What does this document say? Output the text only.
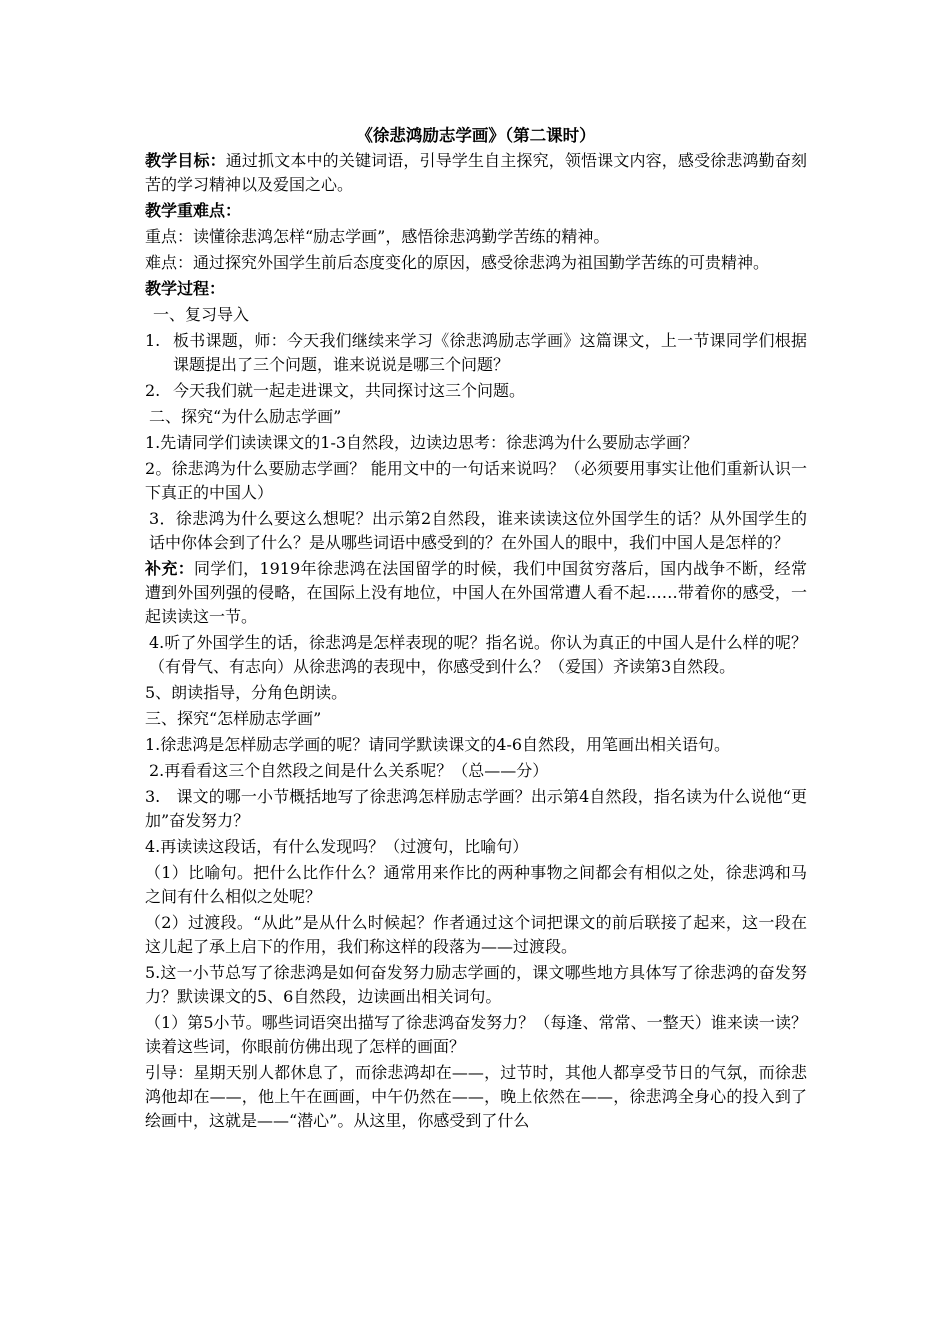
《徐悲鸿励志学画》（第二课时）

教学目标：通过抓文本中的关键词语，引导学生自主探究，领悟课文内容，感受徐悲鸿勤奋刻苦的学习精神以及爱国之心。

教学重难点：

重点：读懂徐悲鸿怎样“励志学画”，感悟徐悲鸿勤学苦练的精神。

难点：通过探究外国学生前后态度变化的原因，感受徐悲鸿为祖国勤学苦练的可贵精神。

教学过程：

一、复习导入

1. 板书课题，师：今天我们继续来学习《徐悲鸿励志学画》这篇课文，上一节课同学们根据课题提出了三个问题，谁来说说是哪三个问题？
2. 今天我们就一起走进课文，共同探讨这三个问题。

二、探究“为什么励志学画”

1.先请同学们读读课文的1-3自然段，边读边思考：徐悲鸿为什么要励志学画？

2。徐悲鸿为什么要励志学画？ 能用文中的一句话来说吗？（必须要用事实让他们重新认识一下真正的中国人）

3．徐悲鸿为什么要这么想呢？出示第2自然段，谁来读读这位外国学生的话？从外国学生的话中你体会到了什么？是从哪些词语中感受到的？在外国人的眼中，我们中国人是怎样的？

补充：同学们，1919年徐悲鸿在法国留学的时候，我们中国贫穷落后，国内战争不断，经常遭到外国列强的侵略，在国际上没有地位，中国人在外国常遭人看不起……带着你的感受，一起读读这一节。

4.听了外国学生的话，徐悲鸿是怎样表现的呢？指名说。你认为真正的中国人是什么样的呢？（有骨气、有志向）从徐悲鸿的表现中，你感受到什么？（爱国）齐读第3自然段。

5、朗读指导，分角色朗读。

三、探究“怎样励志学画”

1.徐悲鸿是怎样励志学画的呢？请同学默读课文的4-6自然段，用笔画出相关语句。

2.再看看这三个自然段之间是什么关系呢？（总——分）

3.　课文的哪一小节概括地写了徐悲鸿怎样励志学画？出示第4自然段，指名读为什么说他“更加”奋发努力？

4.再读读这段话，有什么发现吗？（过渡句，比喻句）

（1）比喻句。把什么比作什么？通常用来作比的两种事物之间都会有相似之处，徐悲鸿和马之间有什么相似之处呢？

（2）过渡段。“从此”是从什么时候起？作者通过这个词把课文的前后联接了起来，这一段在这儿起了承上启下的作用，我们称这样的段落为——过渡段。

5.这一小节总写了徐悲鸿是如何奋发努力励志学画的，课文哪些地方具体写了徐悲鸿的奋发努力？默读课文的5、6自然段，边读画出相关词句。

（1）第5小节。哪些词语突出描写了徐悲鸿奋发努力？（每逢、常常、一整天）谁来读一读？读着这些词，你眼前仿佛出现了怎样的画面？

引导：星期天别人都休息了，而徐悲鸿却在——，过节时，其他人都享受节日的气氛，而徐悲鸿他却在——，他上午在画画，中午仍然在——，晚上依然在——，徐悲鸿全身心的投入到了绘画中，这就是——“潜心”。从这里，你感受到了什么
